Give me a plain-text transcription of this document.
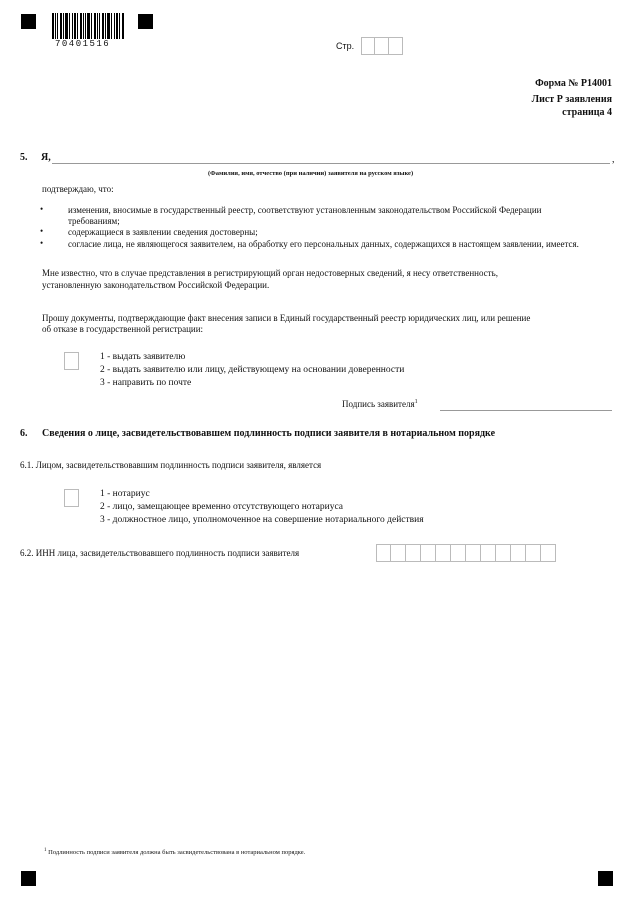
70401516	Стр.
Форма № Р14001
Лист Р заявления
страница 4
5. Я,	,
(Фамилия, имя, отчество (при наличии) заявителя на русском языке)
подтверждаю, что:
•	изменения, вносимые в государственный реестр, соответствуют установленным законодательством Российской Федерации
требованиям;
•	содержащиеся в заявлении сведения достоверны;
•	согласие лица, не являющегося заявителем, на обработку его персональных данных, содержащихся в настоящем заявлении, имеется.
Мне известно, что в случае представления в регистрирующий орган недостоверных сведений, я несу ответственность,
установленную законодательством Российской Федерации.
Прошу документы, подтверждающие факт внесения записи в Единый государственный реестр юридических лиц, или решение
об отказе в государственной регистрации:
1 - выдать заявителю
2 - выдать заявителю или лицу, действующему на основании доверенности
3 - направить по почте
Подпись заявителя$^1$
6. Сведения о лице, засвидетельствовавшем подлинность подписи заявителя в нотариальном порядке
6.1. Лицом, засвидетельствовавшим подлинность подписи заявителя, является
1 - нотариус
2 - лицо, замещающее временно отсутствующего нотариуса
3 - должностное лицо, уполномоченное на совершение нотариального действия
6.2. ИНН лица, засвидетельствовавшего подлинность подписи заявителя
$^1$ Подлинность подписи заявителя должна быть засвидетельствована в нотариальном порядке.
